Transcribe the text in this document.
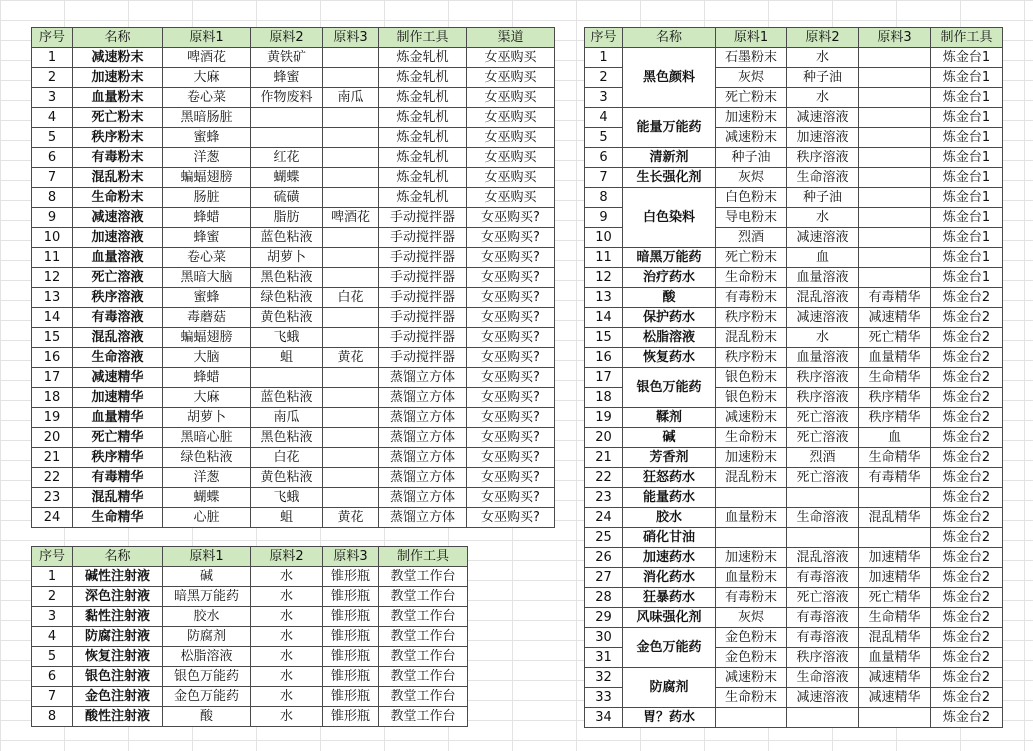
序号	名称	原料1	原料2	原料3	制作工具	渠道
1	减速粉末	啤酒花	黄铁矿		炼金轧机	女巫购买
2	加速粉末	大麻	蜂蜜		炼金轧机	女巫购买
3	血量粉末	卷心菜	作物废料	南瓜	炼金轧机	女巫购买
4	死亡粉末	黑暗肠脏			炼金轧机	女巫购买
5	秩序粉末	蜜蜂			炼金轧机	女巫购买
6	有毒粉末	洋葱	红花		炼金轧机	女巫购买
7	混乱粉末	蝙蝠翅膀	蝴蝶		炼金轧机	女巫购买
8	生命粉末	肠脏	硫磺		炼金轧机	女巫购买
9	减速溶液	蜂蜡	脂肪	啤酒花	手动搅拌器	女巫购买?
10	加速溶液	蜂蜜	蓝色粘液		手动搅拌器	女巫购买?
11	血量溶液	卷心菜	胡萝卜		手动搅拌器	女巫购买?
12	死亡溶液	黑暗大脑	黑色粘液		手动搅拌器	女巫购买?
13	秩序溶液	蜜蜂	绿色粘液	白花	手动搅拌器	女巫购买?
14	有毒溶液	毒蘑菇	黄色粘液		手动搅拌器	女巫购买?
15	混乱溶液	蝙蝠翅膀	飞蛾		手动搅拌器	女巫购买?
16	生命溶液	大脑	蛆	黄花	手动搅拌器	女巫购买?
17	减速精华	蜂蜡			蒸馏立方体	女巫购买?
18	加速精华	大麻	蓝色粘液		蒸馏立方体	女巫购买?
19	血量精华	胡萝卜	南瓜		蒸馏立方体	女巫购买?
20	死亡精华	黑暗心脏	黑色粘液		蒸馏立方体	女巫购买?
21	秩序精华	绿色粘液	白花		蒸馏立方体	女巫购买?
22	有毒精华	洋葱	黄色粘液		蒸馏立方体	女巫购买?
23	混乱精华	蝴蝶	飞蛾		蒸馏立方体	女巫购买?
24	生命精华	心脏	蛆	黄花	蒸馏立方体	女巫购买?
序号	名称	原料1	原料2	原料3	制作工具
1	碱性注射液	碱	水	锥形瓶	教堂工作台
2	深色注射液	暗黑万能药	水	锥形瓶	教堂工作台
3	黏性注射液	胶水	水	锥形瓶	教堂工作台
4	防腐注射液	防腐剂	水	锥形瓶	教堂工作台
5	恢复注射液	松脂溶液	水	锥形瓶	教堂工作台
6	银色注射液	银色万能药	水	锥形瓶	教堂工作台
7	金色注射液	金色万能药	水	锥形瓶	教堂工作台
8	酸性注射液	酸	水	锥形瓶	教堂工作台
序号	名称	原料1	原料2	原料3	制作工具
1	黑色颜料	石墨粉末	水		炼金台1
2		灰烬	种子油		炼金台1
3		死亡粉末	水		炼金台1
4	能量万能药	加速粉末	减速溶液		炼金台1
5		减速粉末	加速溶液		炼金台1
6	清新剂	种子油	秩序溶液		炼金台1
7	生长强化剂	灰烬	生命溶液		炼金台1
8	白色染料	白色粉末	种子油		炼金台1
9		导电粉末	水		炼金台1
10		烈酒	减速溶液		炼金台1
11	暗黑万能药	死亡粉末	血		炼金台1
12	治疗药水	生命粉末	血量溶液		炼金台1
13	酸	有毒粉末	混乱溶液	有毒精华	炼金台2
14	保护药水	秩序粉末	减速溶液	减速精华	炼金台2
15	松脂溶液	混乱粉末	水	死亡精华	炼金台2
16	恢复药水	秩序粉末	血量溶液	血量精华	炼金台2
17	银色万能药	银色粉末	秩序溶液	生命精华	炼金台2
18		银色粉末	秩序溶液	秩序精华	炼金台2
19	鞣剂	减速粉末	死亡溶液	秩序精华	炼金台2
20	碱	生命粉末	死亡溶液	血	炼金台2
21	芳香剂	加速粉末	烈酒	生命精华	炼金台2
22	狂怒药水	混乱粉末	死亡溶液	有毒精华	炼金台2
23	能量药水				炼金台2
24	胶水	血量粉末	生命溶液	混乱精华	炼金台2
25	硝化甘油				炼金台2
26	加速药水	加速粉末	混乱溶液	加速精华	炼金台2
27	消化药水	血量粉末	有毒溶液	加速精华	炼金台2
28	狂暴药水	有毒粉末	死亡溶液	死亡精华	炼金台2
29	风味强化剂	灰烬	有毒溶液	生命精华	炼金台2
30	金色万能药	金色粉末	有毒溶液	混乱精华	炼金台2
31		金色粉末	秩序溶液	血量精华	炼金台2
32	防腐剂	减速粉末	生命溶液	减速精华	炼金台2
33		生命粉末	减速溶液	减速精华	炼金台2
34	胃？药水				炼金台2
